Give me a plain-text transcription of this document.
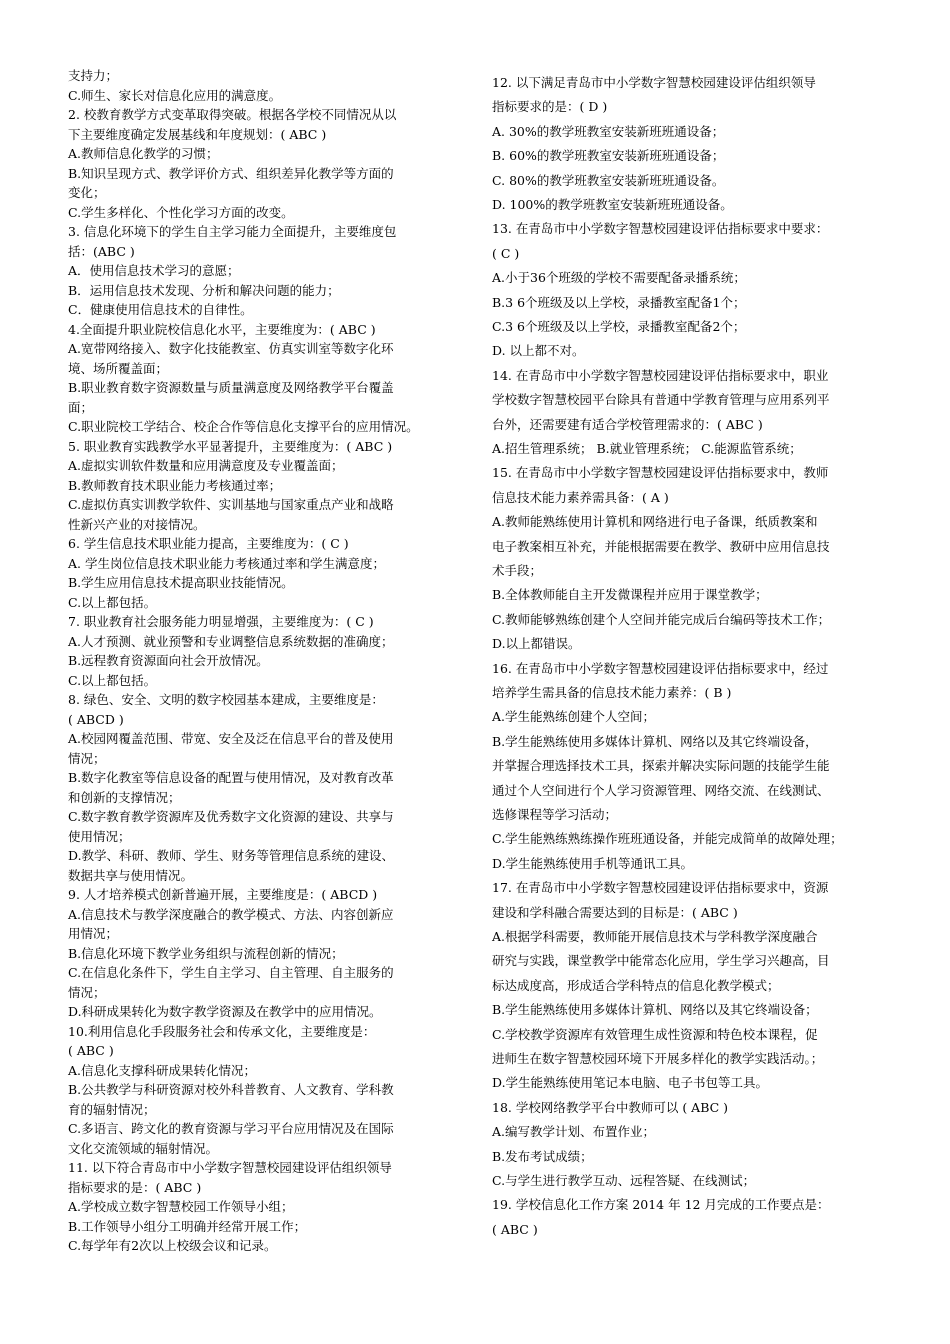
支持力；
C.师生、家长对信息化应用的满意度。
2. 校教育教学方式变革取得突破。根据各学校不同情况从以
下主要维度确定发展基线和年度规划：( ABC )
A.教师信息化教学的习惯；
B.知识呈现方式、教学评价方式、组织差异化教学等方面的
变化；
C.学生多样化、个性化学习方面的改变。
3. 信息化环境下的学生自主学习能力全面提升，主要维度包
括：(ABC )
A．使用信息技术学习的意愿；
B．运用信息技术发现、分析和解决问题的能力；
C．健康使用信息技术的自律性。
4.全面提升职业院校信息化水平，主要维度为：( ABC )
A.宽带网络接入、数字化技能教室、仿真实训室等数字化环
境、场所覆盖面；
B.职业教育数字资源数量与质量满意度及网络教学平台覆盖
面；
C.职业院校工学结合、校企合作等信息化支撑平台的应用情况。
5. 职业教育实践教学水平显著提升，主要维度为：( ABC )
A.虚拟实训软件数量和应用满意度及专业覆盖面；
B.教师教育技术职业能力考核通过率；
C.虚拟仿真实训教学软件、实训基地与国家重点产业和战略
性新兴产业的对接情况。
6. 学生信息技术职业能力提高，主要维度为：( C )
A. 学生岗位信息技术职业能力考核通过率和学生满意度；
B.学生应用信息技术提高职业技能情况。
C.以上都包括。
7. 职业教育社会服务能力明显增强，主要维度为：( C )
A.人才预测、就业预警和专业调整信息系统数据的准确度；
B.远程教育资源面向社会开放情况。
C.以上都包括。
8. 绿色、安全、文明的数字校园基本建成，主要维度是：
( ABCD )
A.校园网覆盖范围、带宽、安全及泛在信息平台的普及使用
情况；
B.数字化教室等信息设备的配置与使用情况，及对教育改革
和创新的支撑情况；
C.数字教育教学资源库及优秀数字文化资源的建设、共享与
使用情况；
D.教学、科研、教师、学生、财务等管理信息系统的建设、
数据共享与使用情况。
9. 人才培养模式创新普遍开展，主要维度是：( ABCD )
A.信息技术与教学深度融合的教学模式、方法、内容创新应
用情况；
B.信息化环境下教学业务组织与流程创新的情况；
C.在信息化条件下，学生自主学习、自主管理、自主服务的
情况；
D.科研成果转化为数字教学资源及在教学中的应用情况。
10.利用信息化手段服务社会和传承文化，主要维度是：
( ABC )
A.信息化支撑科研成果转化情况；
B.公共教学与科研资源对校外科普教育、人文教育、学科教
育的辐射情况；
C.多语言、跨文化的教育资源与学习平台应用情况及在国际
文化交流领域的辐射情况。
11. 以下符合青岛市中小学数字智慧校园建设评估组织领导
指标要求的是：( ABC )
A.学校成立数字智慧校园工作领导小组；
B.工作领导小组分工明确并经常开展工作；
C.每学年有2次以上校级会议和记录。
12. 以下满足青岛市中小学数字智慧校园建设评估组织领导
指标要求的是：( D )
A. 30%的教学班教室安装新班班通设备；
B. 60%的教学班教室安装新班班通设备；
C. 80%的教学班教室安装新班班通设备。
D. 100%的教学班教室安装新班班通设备。
13. 在青岛市中小学数字智慧校园建设评估指标要求中要求：
( C )
A.小于36个班级的学校不需要配备录播系统；
B.3 6个班级及以上学校，录播教室配备1个；
C.3 6个班级及以上学校，录播教室配备2个；
D. 以上都不对。
14. 在青岛市中小学数字智慧校园建设评估指标要求中，职业
学校数字智慧校园平台除具有普通中学教育管理与应用系列平
台外，还需要建有适合学校管理需求的：( ABC )
A.招生管理系统； B.就业管理系统； C.能源监管系统；
15. 在青岛市中小学数字智慧校园建设评估指标要求中，教师
信息技术能力素养需具备：( A )
A.教师能熟练使用计算机和网络进行电子备课，纸质教案和
电子教案相互补充，并能根据需要在教学、教研中应用信息技
术手段；
B.全体教师能自主开发微课程并应用于课堂教学；
C.教师能够熟练创建个人空间并能完成后台编码等技术工作；
D.以上都错误。
16. 在青岛市中小学数字智慧校园建设评估指标要求中，经过
培养学生需具备的信息技术能力素养：( B )
A.学生能熟练创建个人空间；
B.学生能熟练使用多媒体计算机、网络以及其它终端设备，
并掌握合理选择技术工具，探索并解决实际问题的技能学生能
通过个人空间进行个人学习资源管理、网络交流、在线测试、
选修课程等学习活动；
C.学生能熟练熟练操作班班通设备，并能完成简单的故障处理；
D.学生能熟练使用手机等通讯工具。
17. 在青岛市中小学数字智慧校园建设评估指标要求中，资源
建设和学科融合需要达到的目标是：( ABC )
A.根据学科需要，教师能开展信息技术与学科教学深度融合
研究与实践，课堂教学中能常态化应用，学生学习兴趣高，目
标达成度高，形成适合学科特点的信息化教学模式；
B.学生能熟练使用多媒体计算机、网络以及其它终端设备；
C.学校教学资源库有效管理生成性资源和特色校本课程，促
进师生在数字智慧校园环境下开展多样化的教学实践活动。；
D.学生能熟练使用笔记本电脑、电子书包等工具。
18. 学校网络教学平台中教师可以 ( ABC )
A.编写教学计划、布置作业；
B.发布考试成绩；
C.与学生进行教学互动、远程答疑、在线测试；
19. 学校信息化工作方案 2014 年 12 月完成的工作要点是：
( ABC )
